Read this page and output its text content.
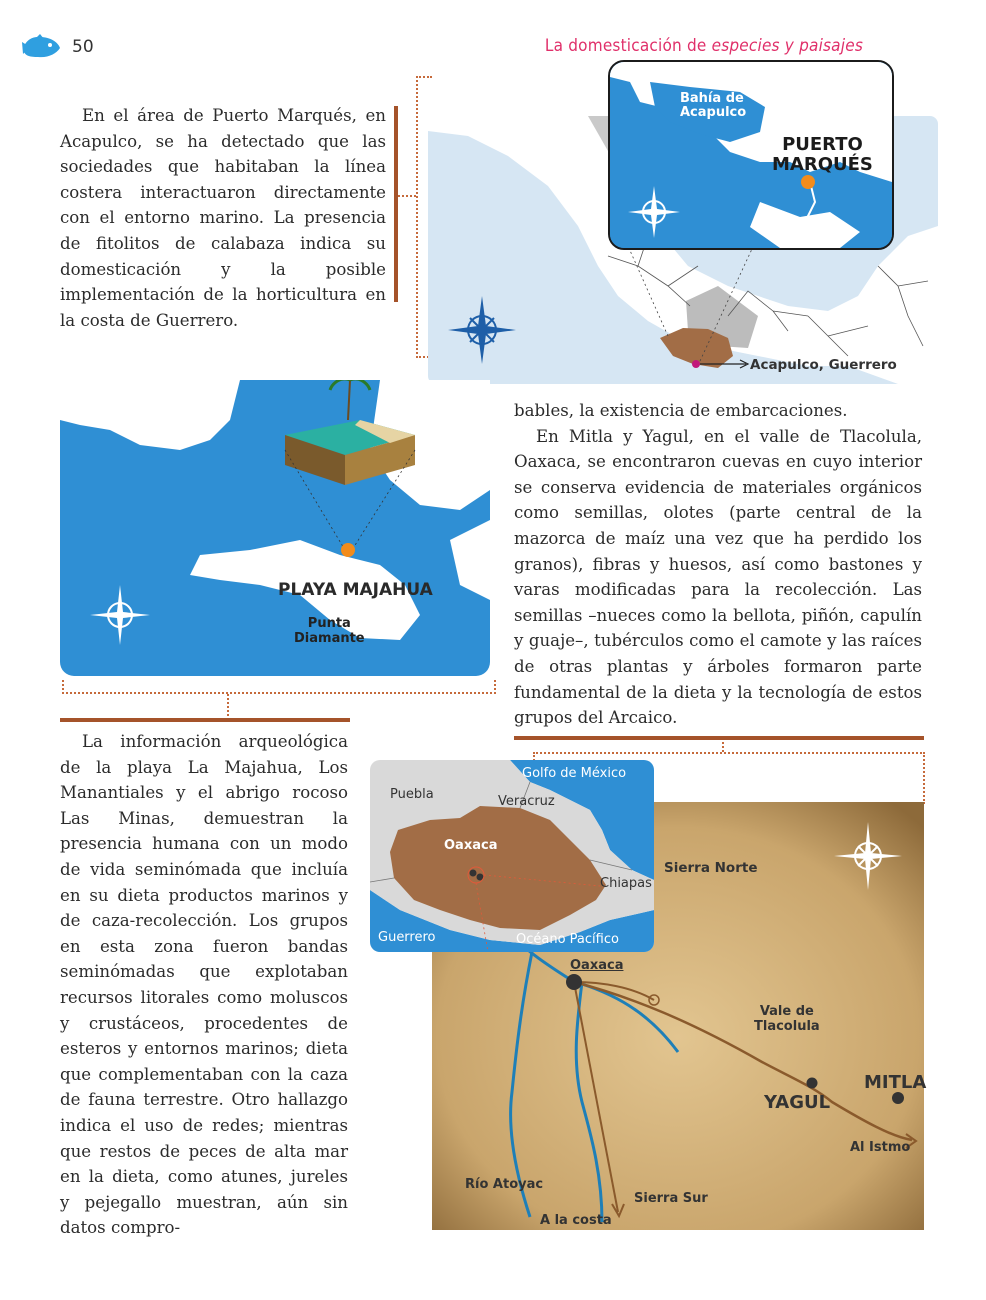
50	La domesticación de especies y paisajes

En el área de Puerto Marqués, en Acapulco, se ha detectado que las sociedades que habitaban la línea costera interactuaron directamente con el entorno marino. La presencia de fitolitos de calabaza indica su domesticación y la posible implementación de la horticultura en la costa de Guerrero.

Acapulco, Guerrero
Bahía de
Acapulco
PUERTO
MARQUÉS
PLAYA MAJAHUA
Punta
Diamante

bables, la existencia de embarcaciones.

En Mitla y Yagul, en el valle de Tlacolula, Oaxaca, se encontraron cuevas en cuyo interior se conserva evidencia de materiales orgánicos como semillas, olotes (parte central de la mazorca de maíz una vez que ha perdido los granos), fibras y huesos, así como bastones y varas modificadas para la recolección. Las semillas –nueces como la bellota, piñón, capulín y guaje–, tubérculos como el camote y las raíces de otras plantas y árboles formaron parte fundamental de la dieta y la tecnología de estos grupos del Arcaico.

La información arqueológica de la playa La Majahua, Los Manantiales y el abrigo rocoso Las Minas, demuestran la presencia humana con un modo de vida seminómada que incluía en su dieta productos marinos y de caza-recolección. Los grupos en esta zona fueron bandas seminómadas que explotaban recursos litorales como moluscos y crustáceos, procedentes de esteros y entornos marinos; dieta que complementaban con la caza de fauna terrestre. Otro hallazgo indica el uso de redes; mientras que restos de peces de alta mar en la dieta, como atunes, jureles y pejegallo muestran, aún sin datos compro-

Sierra Norte
Oaxaca
Vale de
Tlacolula
YAGUL
MITLA
Al Istmo
Río Atoyac
A la costa
Sierra Sur
Golfo de México
Puebla	Veracruz
Oaxaca
Chiapas
Guerrero	Océano Pacífico
